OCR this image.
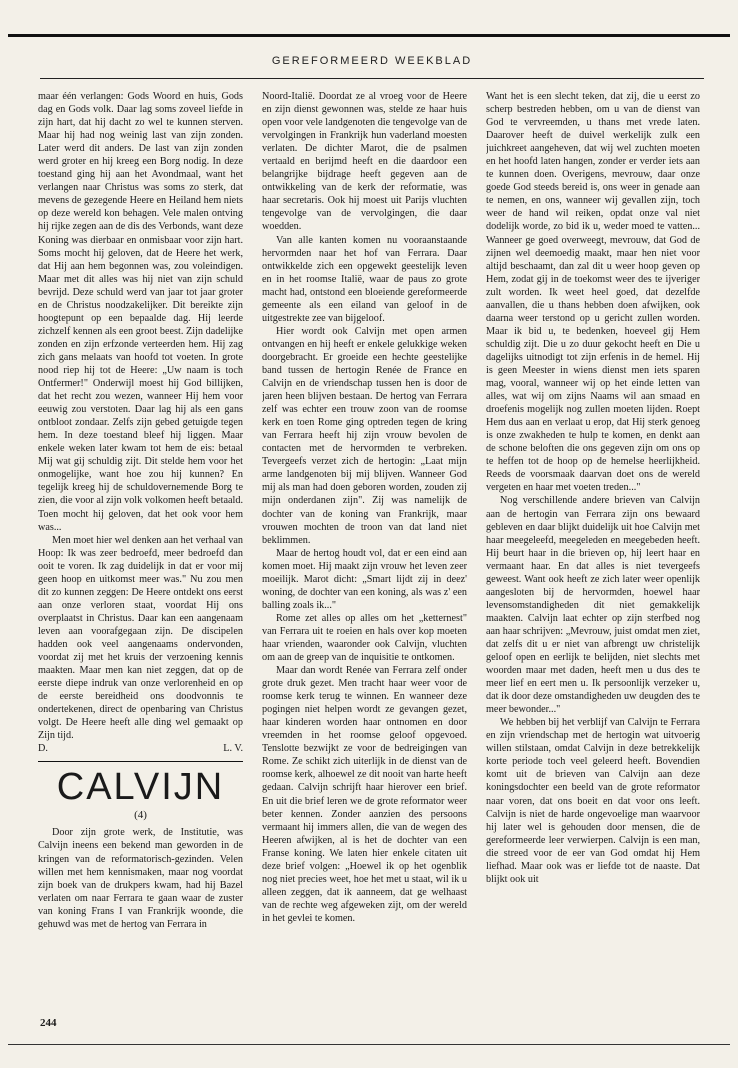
GEREFORMEERD WEEKBLAD

maar één verlangen: Gods Woord en huis, Gods dag en Gods volk. Daar lag soms zoveel liefde in zijn hart, dat hij dacht zo wel te kunnen sterven. Maar hij had nog weinig last van zijn zonden. Later werd dit anders. De last van zijn zonden werd groter en hij kreeg een Borg nodig. In deze toestand ging hij aan het Avondmaal, want het verlangen naar Christus was soms zo sterk, dat mevens de gezegende Heere en Heiland hem niets op deze wereld kon behagen. Vele malen ontving hij rijke zegen aan de dis des Verbonds, want deze Koning was dierbaar en onmisbaar voor zijn hart. Soms mocht hij geloven, dat de Heere het werk, dat Hij aan hem begonnen was, zou voleindigen. Maar met dit alles was hij niet van zijn schuld bevrijd. Deze schuld werd van jaar tot jaar groter en de Christus noodzakelijker. Dit bereikte zijn hoogtepunt op een bepaalde dag. Hij leerde zichzelf kennen als een groot beest. Zijn dadelijke zonden en zijn erfzonde verteerden hem. Hij zag zich gans melaats van hoofd tot voeten. In grote nood riep hij tot de Heere: „Uw naam is toch Ontfermer!" Onderwijl moest hij God billijken, dat het recht zou wezen, wanneer Hij hem voor eeuwig zou verstoten. Daar lag hij als een gans ontbloot zondaar. Zelfs zijn gebed getuigde tegen hem. In deze toestand bleef hij liggen. Maar enkele weken later kwam tot hem de eis: betaal Mij wat gij schuldig zijt. Dit stelde hem voor het onmogelijke, want hoe zou hij kunnen? En tegelijk kreeg hij de schuldovernemende Borg te zien, die voor al zijn volk volkomen heeft betaald. Toen mocht hij geloven, dat het ook voor hem was...

Men moet hier wel denken aan het verhaal van Hoop: Ik was zeer bedroefd, meer bedroefd dan ooit te voren. Ik zag duidelijk in dat er voor mij geen hoop en uitkomst meer was." Nu zou men dit zo kunnen zeggen: De Heere ontdekt ons eerst aan onze verloren staat, voordat Hij ons overplaatst in Christus. Daar kan een aangenaam leven aan voorafgegaan zijn. De discipelen hadden ook veel aangenaams ondervonden, voordat zij met het kruis der verzoening kennis maakten. Maar men kan niet zeggen, dat op de eerste diepe indruk van onze verlorenheid en op de eerste bereidheid ons doodvonnis te ondertekenen, direct de openbaring van Christus volgt. De Heere heeft alle ding wel gemaakt op Zijn tijd.

D.	L. V.
CALVIJN
(4)

Door zijn grote werk, de Institutie, was Calvijn ineens een bekend man geworden in de kringen van de reformatorisch-gezinden. Velen willen met hem kennismaken, maar nog voordat zijn boek van de drukpers kwam, had hij Bazel verlaten om naar Ferrara te gaan waar de zuster van koning Frans I van Frankrijk woonde, die gehuwd was met de hertog van Ferrara in

Noord-Italië. Doordat ze al vroeg voor de Heere en zijn dienst gewonnen was, stelde ze haar huis open voor vele landgenoten die tengevolge van de vervolgingen in Frankrijk hun vaderland moesten verlaten. De dichter Marot, die de psalmen vertaald en berijmd heeft en die daardoor een belangrijke bijdrage heeft gegeven aan de ontwikkeling van de kerk der reformatie, was haar secretaris. Ook hij moest uit Parijs vluchten tengevolge van de vervolgingen, die daar woedden.

Van alle kanten komen nu vooraanstaande hervormden naar het hof van Ferrara. Daar ontwikkelde zich een opgewekt geestelijk leven en in het roomse Italië, waar de paus zo grote macht had, ontstond een bloeiende gereformeerde gemeente als een eiland van geloof in de uitgestrekte zee van bijgeloof.

Hier wordt ook Calvijn met open armen ontvangen en hij heeft er enkele gelukkige weken doorgebracht. Er groeide een hechte geestelijke band tussen de hertogin Renée de France en Calvijn en de vriendschap tussen hen is door de jaren heen blijven bestaan. De hertog van Ferrara zelf was echter een trouw zoon van de roomse kerk en toen Rome ging optreden tegen de kring van Ferrara heeft hij zijn vrouw bevolen de contacten met de hervormden te verbreken. Tevergeefs verzet zich de hertogin: „Laat mijn arme landgenoten bij mij blijven. Wanneer God mij als man had doen geboren worden, zouden zij mijn onderdanen zijn". Zij was namelijk de dochter van de koning van Frankrijk, maar vrouwen mochten de troon van dat land niet beklimmen.

Maar de hertog houdt vol, dat er een eind aan komen moet. Hij maakt zijn vrouw het leven zeer moeilijk. Marot dicht: „Smart lijdt zij in deez' woning, de dochter van een koning, als was z' een balling zoals ik..."

Rome zet alles op alles om het „ketternest" van Ferrara uit te roeien en hals over kop moeten haar vrienden, waaronder ook Calvijn, vluchten om aan de greep van de inquisitie te ontkomen.

Maar dan wordt Renée van Ferrara zelf onder grote druk gezet. Men tracht haar weer voor de roomse kerk terug te winnen. En wanneer deze pogingen niet helpen wordt ze gevangen gezet, haar kinderen worden haar ontnomen en door vreemden in het roomse geloof opgevoed. Tenslotte bezwijkt ze voor de bedreigingen van Rome. Ze schikt zich uiterlijk in de dienst van de roomse kerk, alhoewel ze dit nooit van harte heeft gedaan. Calvijn schrijft haar hierover een brief. En uit die brief leren we de grote reformator weer beter kennen. Zonder aanzien des persoons vermaant hij immers allen, die van de wegen des Heeren afwijken, al is het de dochter van een Franse koning. We laten hier enkele citaten uit deze brief volgen: „Hoewel ik op het ogenblik nog niet precies weet, hoe het met u staat, wil ik u alleen zeggen, dat ik aanneem, dat ge welhaast van de rechte weg afgeweken zijt, om der wereld in het gevlei te komen.

Want het is een slecht teken, dat zij, die u eerst zo scherp bestreden hebben, om u van de dienst van God te vervreemden, u thans met vrede laten. Daarover heeft de duivel werkelijk zulk een juichkreet aangeheven, dat wij wel zuchten moeten en het hoofd laten hangen, zonder er verder iets aan te kunnen doen. Overigens, mevrouw, daar onze goede God steeds bereid is, ons weer in genade aan te nemen, en ons, wanneer wij gevallen zijn, toch weer de hand wil reiken, opdat onze val niet dodelijk worde, zo bid ik u, weder moed te vatten... Wanneer ge goed overweegt, mevrouw, dat God de zijnen wel deemoedig maakt, maar hen niet voor altijd beschaamt, dan zal dit u weer hoop geven op Hem, zodat gij in de toekomst weer des te ijveriger zult worden. Ik weet heel goed, dat dezelfde aanvallen, die u thans hebben doen afwijken, ook daarna weer terstond op u gericht zullen worden. Maar ik bid u, te bedenken, hoeveel gij Hem schuldig zijt. Die u zo duur gekocht heeft en Die u dagelijks uitnodigt tot zijn erfenis in de hemel. Hij is geen Meester in wiens dienst men iets sparen mag, vooral, wanneer wij op het einde letten van alles, wat wij om zijns Naams wil aan smaad en droefenis mogelijk nog zullen moeten lijden. Roept Hem dus aan en verlaat u erop, dat Hij sterk genoeg is onze zwakheden te hulp te komen, en denkt aan de schone beloften die ons gegeven zijn om ons op te heffen tot de hoop op de hemelse heerlijkheid. Reeds de voorsmaak daarvan doet ons de wereld vergeten en haar met voeten treden..."

Nog verschillende andere brieven van Calvijn aan de hertogin van Ferrara zijn ons bewaard gebleven en daar blijkt duidelijk uit hoe Calvijn met haar meegeleefd, meegeleden en meegebeden heeft. Hij beurt haar in die brieven op, hij leert haar en vermaant haar. En dat alles is niet tevergeefs geweest. Want ook heeft ze zich later weer openlijk aangesloten bij de hervormden, hoewel haar levensomstandigheden dit niet gemakkelijk maakten. Calvijn laat echter op zijn sterfbed nog aan haar schrijven: „Mevrouw, juist omdat men ziet, dat zelfs dit u er niet van afbrengt uw christelijk geloof open en eerlijk te belijden, niet slechts met woorden maar met daden, heeft men u dus des te meer lief en eert men u. Ik persoonlijk verzeker u, dat ik door deze omstandigheden uw deugden des te meer bewonder..."

We hebben bij het verblijf van Calvijn te Ferrara en zijn vriendschap met de hertogin wat uitvoerig willen stilstaan, omdat Calvijn in deze betrekkelijk korte periode toch veel geleerd heeft. Bovendien komt uit de brieven van Calvijn aan deze koningsdochter een beeld van de grote reformator naar voren, dat ons boeit en dat voor ons leeft. Calvijn is niet de harde ongevoelige man waarvoor hij later wel is gehouden door mensen, die de gereformeerde leer verwierpen. Calvijn is een man, die streed voor de eer van God omdat hij Hem liefhad. Maar ook was er liefde tot de naaste. Dat blijkt ook uit

244
